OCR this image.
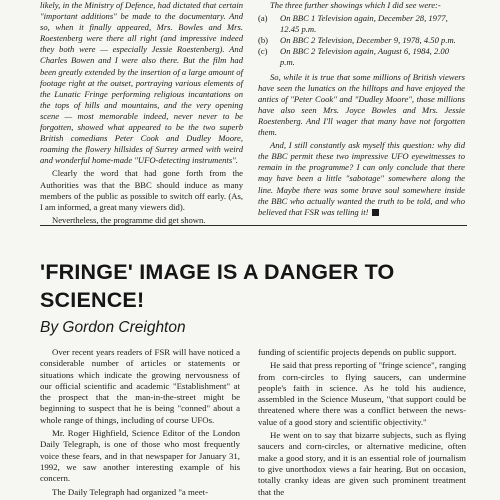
likely, in the Ministry of Defence, had dictated that certain "important additions" be made to the documentary. And so, when it finally appeared, Mrs. Bowles and Mrs. Roestenberg were there all right (and impressive indeed they both were — especially Jessie Roestenberg). And Charles Bowen and I were also there. But the film had been greatly extended by the insertion of a large amount of footage right at the outset, portraying various elements of the Lunatic Fringe performing religious incantations on the tops of hills and mountains, and the very opening scene — most memorable indeed, never never to be forgotten, showed what appeared to be the two superb British comedians Peter Cook and Dudley Moore, roaming the flowery hillsides of Surrey armed with weird and wonderful home-made "UFO-detecting instruments".

Clearly the word that had gone forth from the Authorities was that the BBC should induce as many members of the public as possible to switch off early. (As, I am informed, a great many viewers did).

Nevertheless, the programme did get shown.

The three further showings which I did see were:-

(a)	On BBC 1 Television again, December 28, 1977, 12.45 p.m.
(b)	On BBC 2 Television, December 9, 1978, 4.50 p.m.
(c)	On BBC 2 Television again, August 6, 1984, 2.00 p.m.

So, while it is true that some millions of British viewers have seen the lunatics on the hilltops and have enjoyed the antics of "Peter Cook" and "Dudley Moore", those millions have also seen Mrs. Joyce Bowles and Mrs. Jessie Roestenberg. And I'll wager that many have not forgotten them.

And, I still constantly ask myself this question: why did the BBC permit these two impressive UFO eyewitnesses to remain in the programme? I can only conclude that there may have been a little "sabotage" somewhere along the line. Maybe there was some brave soul somewhere inside the BBC who actually wanted the truth to be told, and who believed that FSR was telling it!

'FRINGE' IMAGE IS A DANGER TO SCIENCE!

By Gordon Creighton

Over recent years readers of FSR will have noticed a considerable number of articles or statements or situations which indicate the growing nervousness of our official scientific and academic "Establishment" at the prospect that the man-in-the-street might be beginning to suspect that he is being "conned" about a whole range of things, including of course UFOs.

Mr. Roger Highfield, Science Editor of the London Daily Telegraph, is one of those who most frequently voice these fears, and in that newspaper for January 31, 1992, we saw another interesting example of his concern.

The Daily Telegraph had organized "a meet-

funding of scientific projects depends on public support.

He said that press reporting of "fringe science", ranging from corn-circles to flying saucers, can undermine people's faith in science. As he told his audience, assembled in the Science Museum, "that support could be threatened where there was a conflict between the news-value of a good story and scientific objectivity."

He went on to say that bizarre subjects, such as flying saucers and corn-circles, or alternative medicine, often make a good story, and it is an essential role of journalism to give unorthodox views a fair hearing. But on occasion, totally cranky ideas are given such prominent treatment that the
